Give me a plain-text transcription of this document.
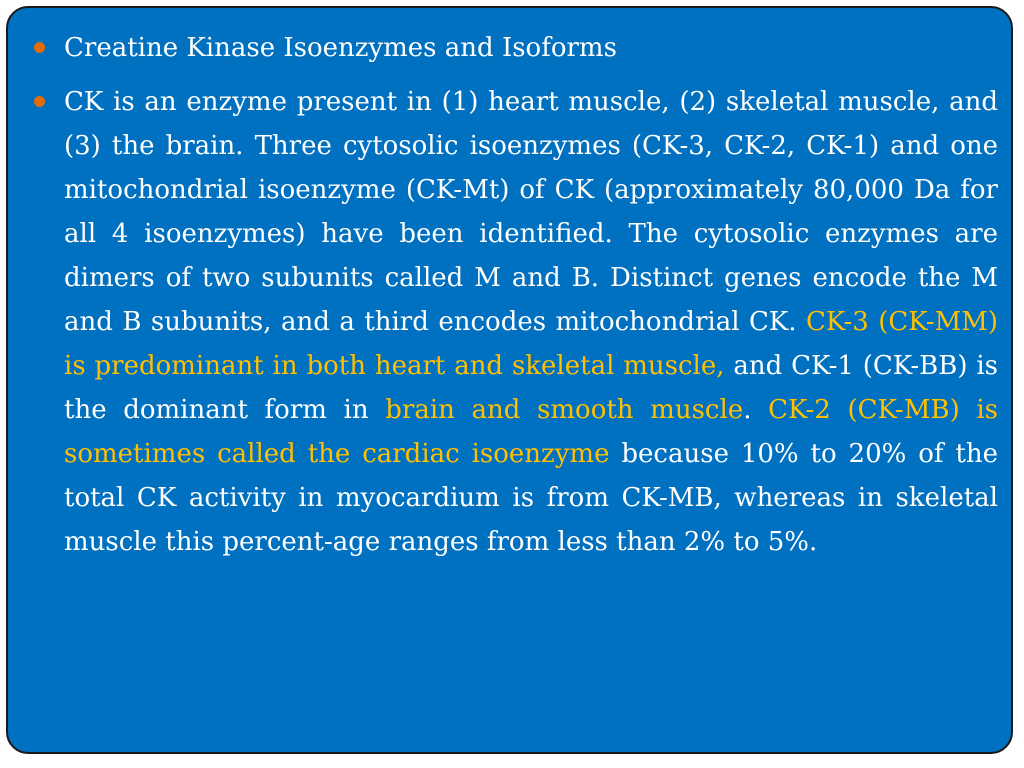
Creatine Kinase Isoenzymes and Isoforms
CK is an enzyme present in (1) heart muscle, (2) skeletal muscle, and (3) the brain. Three cytosolic isoenzymes (CK-3, CK-2, CK-1) and one mitochondrial isoenzyme (CK-Mt) of CK (approximately 80,000 Da for all 4 isoenzymes) have been identified. The cytosolic enzymes are dimers of two subunits called M and B. Distinct genes encode the M and B subunits, and a third encodes mitochondrial CK. CK-3 (CK-MM) is predominant in both heart and skeletal muscle, and CK-1 (CK-BB) is the dominant form in brain and smooth muscle. CK-2 (CK-MB) is sometimes called the cardiac isoenzyme because 10% to 20% of the total CK activity in myocardium is from CK-MB, whereas in skeletal muscle this percent-age ranges from less than 2% to 5%.
